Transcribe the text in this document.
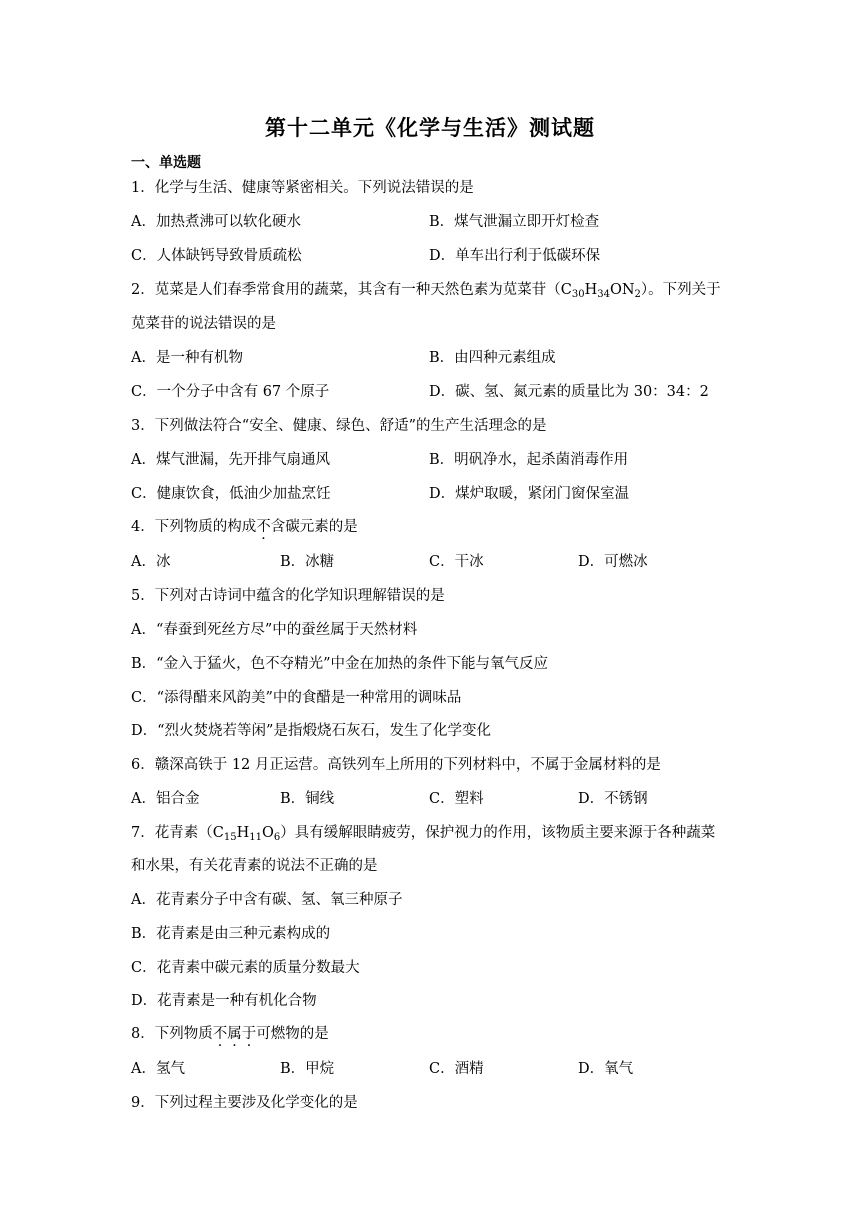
第十二单元《化学与生活》测试题
一、单选题
1．化学与生活、健康等紧密相关。下列说法错误的是
A．加热煮沸可以软化硬水	B．煤气泄漏立即开灯检查
C．人体缺钙导致骨质疏松	D．单车出行利于低碳环保
2．苋菜是人们春季常食用的蔬菜，其含有一种天然色素为苋菜苷$(C_{30}H_{34}ON_2)$。下列关于
苋菜苷的说法错误的是
A．是一种有机物	B．由四种元素组成
C．一个分子中含有 67 个原子	D．碳、氢、氮元素的质量比为 30：34：2
3．下列做法符合“安全、健康、绿色、舒适”的生产生活理念的是
A．煤气泄漏，先开排气扇通风	B．明矾净水，起杀菌消毒作用
C．健康饮食，低油少加盐烹饪	D．煤炉取暖，紧闭门窗保室温
4．下列物质的构成不含碳元素的是
A．冰	B．冰糖	C．干冰	D．可燃冰
5．下列对古诗词中蕴含的化学知识理解错误的是
A．“春蚕到死丝方尽”中的蚕丝属于天然材料
B．“金入于猛火，色不夺精光”中金在加热的条件下能与氧气反应
C．“添得醋来风韵美”中的食醋是一种常用的调味品
D．“烈火焚烧若等闲”是指煅烧石灰石，发生了化学变化
6．赣深高铁于 12 月正运营。高铁列车上所用的下列材料中，不属于金属材料的是
A．铝合金	B．铜线	C．塑料	D．不锈钢
7．花青素$(C_{15}H_{11}O_6)$具有缓解眼睛疲劳，保护视力的作用，该物质主要来源于各种蔬菜
和水果，有关花青素的说法不正确的是
A．花青素分子中含有碳、氢、氧三种原子
B．花青素是由三种元素构成的
C．花青素中碳元素的质量分数最大
D．花青素是一种有机化合物
8．下列物质不属于可燃物的是
A．氢气	B．甲烷	C．酒精	D．氧气
9．下列过程主要涉及化学变化的是
